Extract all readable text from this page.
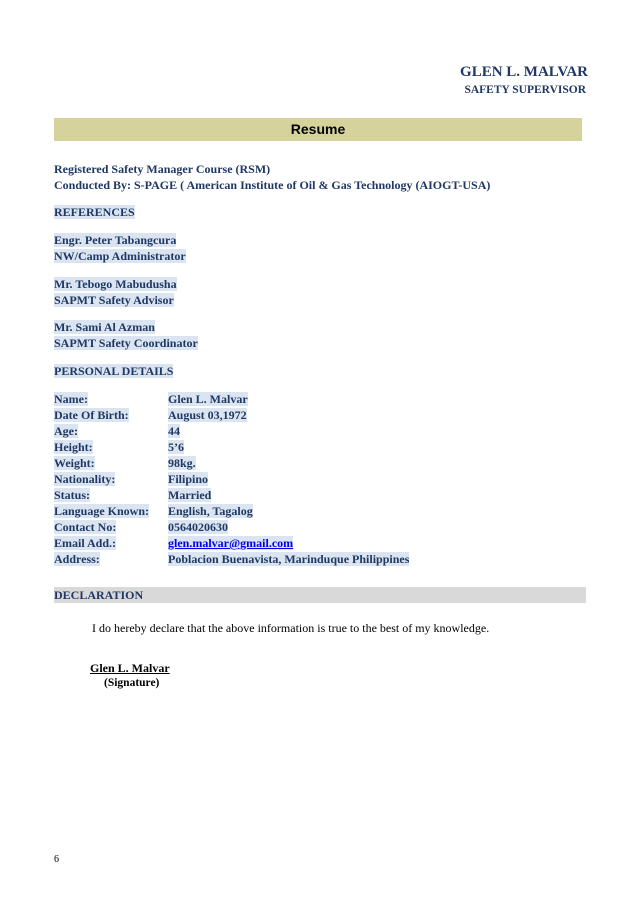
GLEN L. MALVAR
SAFETY SUPERVISOR
Resume
Registered Safety Manager Course (RSM)
Conducted By: S-PAGE ( American Institute of Oil & Gas Technology (AIOGT-USA)
REFERENCES
Engr. Peter Tabangcura
NW/Camp Administrator
Mr. Tebogo Mabudusha
SAPMT Safety Advisor
Mr. Sami Al Azman
SAPMT Safety Coordinator
PERSONAL DETAILS
Name:	Glen L. Malvar
Date Of Birth:	August 03,1972
Age:	44
Height:	5’6
Weight:	98kg.
Nationality:	Filipino
Status:	Married
Language Known: English, Tagalog
Contact No:	0564020630
Email Add.:	glen.malvar@gmail.com
Address:	Poblacion Buenavista, Marinduque Philippines
DECLARATION
I do hereby declare that the above information is true to the best of my knowledge.
Glen L. Malvar
(Signature)
6
